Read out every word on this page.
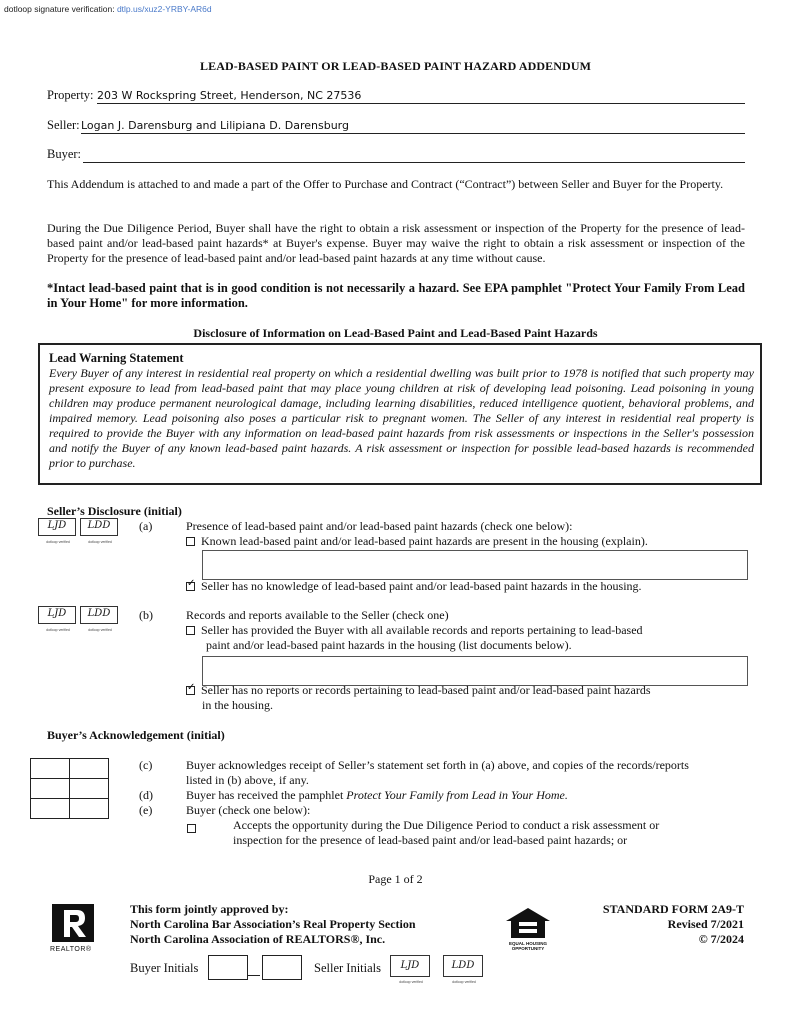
dotloop signature verification: dtlp.us/xuz2-YRBY-AR6d
LEAD-BASED PAINT OR LEAD-BASED PAINT HAZARD ADDENDUM
Property: 203 W Rockspring Street, Henderson, NC 27536
Seller: Logan J. Darensburg and Lilipiana D. Darensburg
Buyer:
This Addendum is attached to and made a part of the Offer to Purchase and Contract (“Contract”) between Seller and Buyer for the Property.
During the Due Diligence Period, Buyer shall have the right to obtain a risk assessment or inspection of the Property for the presence of lead-based paint and/or lead-based paint hazards* at Buyer's expense. Buyer may waive the right to obtain a risk assessment or inspection of the Property for the presence of lead-based paint and/or lead-based paint hazards at any time without cause.
*Intact lead-based paint that is in good condition is not necessarily a hazard. See EPA pamphlet "Protect Your Family From Lead in Your Home" for more information.
Disclosure of Information on Lead-Based Paint and Lead-Based Paint Hazards
Lead Warning Statement
Every Buyer of any interest in residential real property on which a residential dwelling was built prior to 1978 is notified that such property may present exposure to lead from lead-based paint that may place young children at risk of developing lead poisoning. Lead poisoning in young children may produce permanent neurological damage, including learning disabilities, reduced intelligence quotient, behavioral problems, and impaired memory. Lead poisoning also poses a particular risk to pregnant women. The Seller of any interest in residential real property is required to provide the Buyer with any information on lead-based paint hazards from risk assessments or inspections in the Seller's possession and notify the Buyer of any known lead-based paint hazards. A risk assessment or inspection for possible lead-based hazards is recommended prior to purchase.
Seller’s Disclosure (initial)
LJD	LDD
dotloop verified	dotloop verified
(a)	Presence of lead-based paint and/or lead-based paint hazards (check one below):
Known lead-based paint and/or lead-based paint hazards are present in the housing (explain).
✓Seller has no knowledge of lead-based paint and/or lead-based paint hazards in the housing.
LJD	LDD
dotloop verified	dotloop verified
(b)	Records and reports available to the Seller (check one)
Seller has provided the Buyer with all available records and reports pertaining to lead-based
paint and/or lead-based paint hazards in the housing (list documents below).
✓Seller has no reports or records pertaining to lead-based paint and/or lead-based paint hazards
in the housing.
Buyer’s Acknowledgement (initial)

(c)	Buyer acknowledges receipt of Seller’s statement set forth in (a) above, and copies of the records/reports
listed in (b) above, if any.
(d)	Buyer has received the pamphlet Protect Your Family from Lead in Your Home.
(e)	Buyer (check one below):
Accepts the opportunity during the Due Diligence Period to conduct a risk assessment or
inspection for the presence of lead-based paint and/or lead-based paint hazards; or
Page 1 of 2
REALTOR®
This form jointly approved by:
North Carolina Bar Association’s Real Property Section
North Carolina Association of REALTORS®, Inc.	EQUAL HOUSING
OPPORTUNITY
STANDARD FORM 2A9-T
Revised 7/2021
© 7/2024
Buyer Initials	Seller Initials	LJD	LDD
dotloop verified	dotloop verified
